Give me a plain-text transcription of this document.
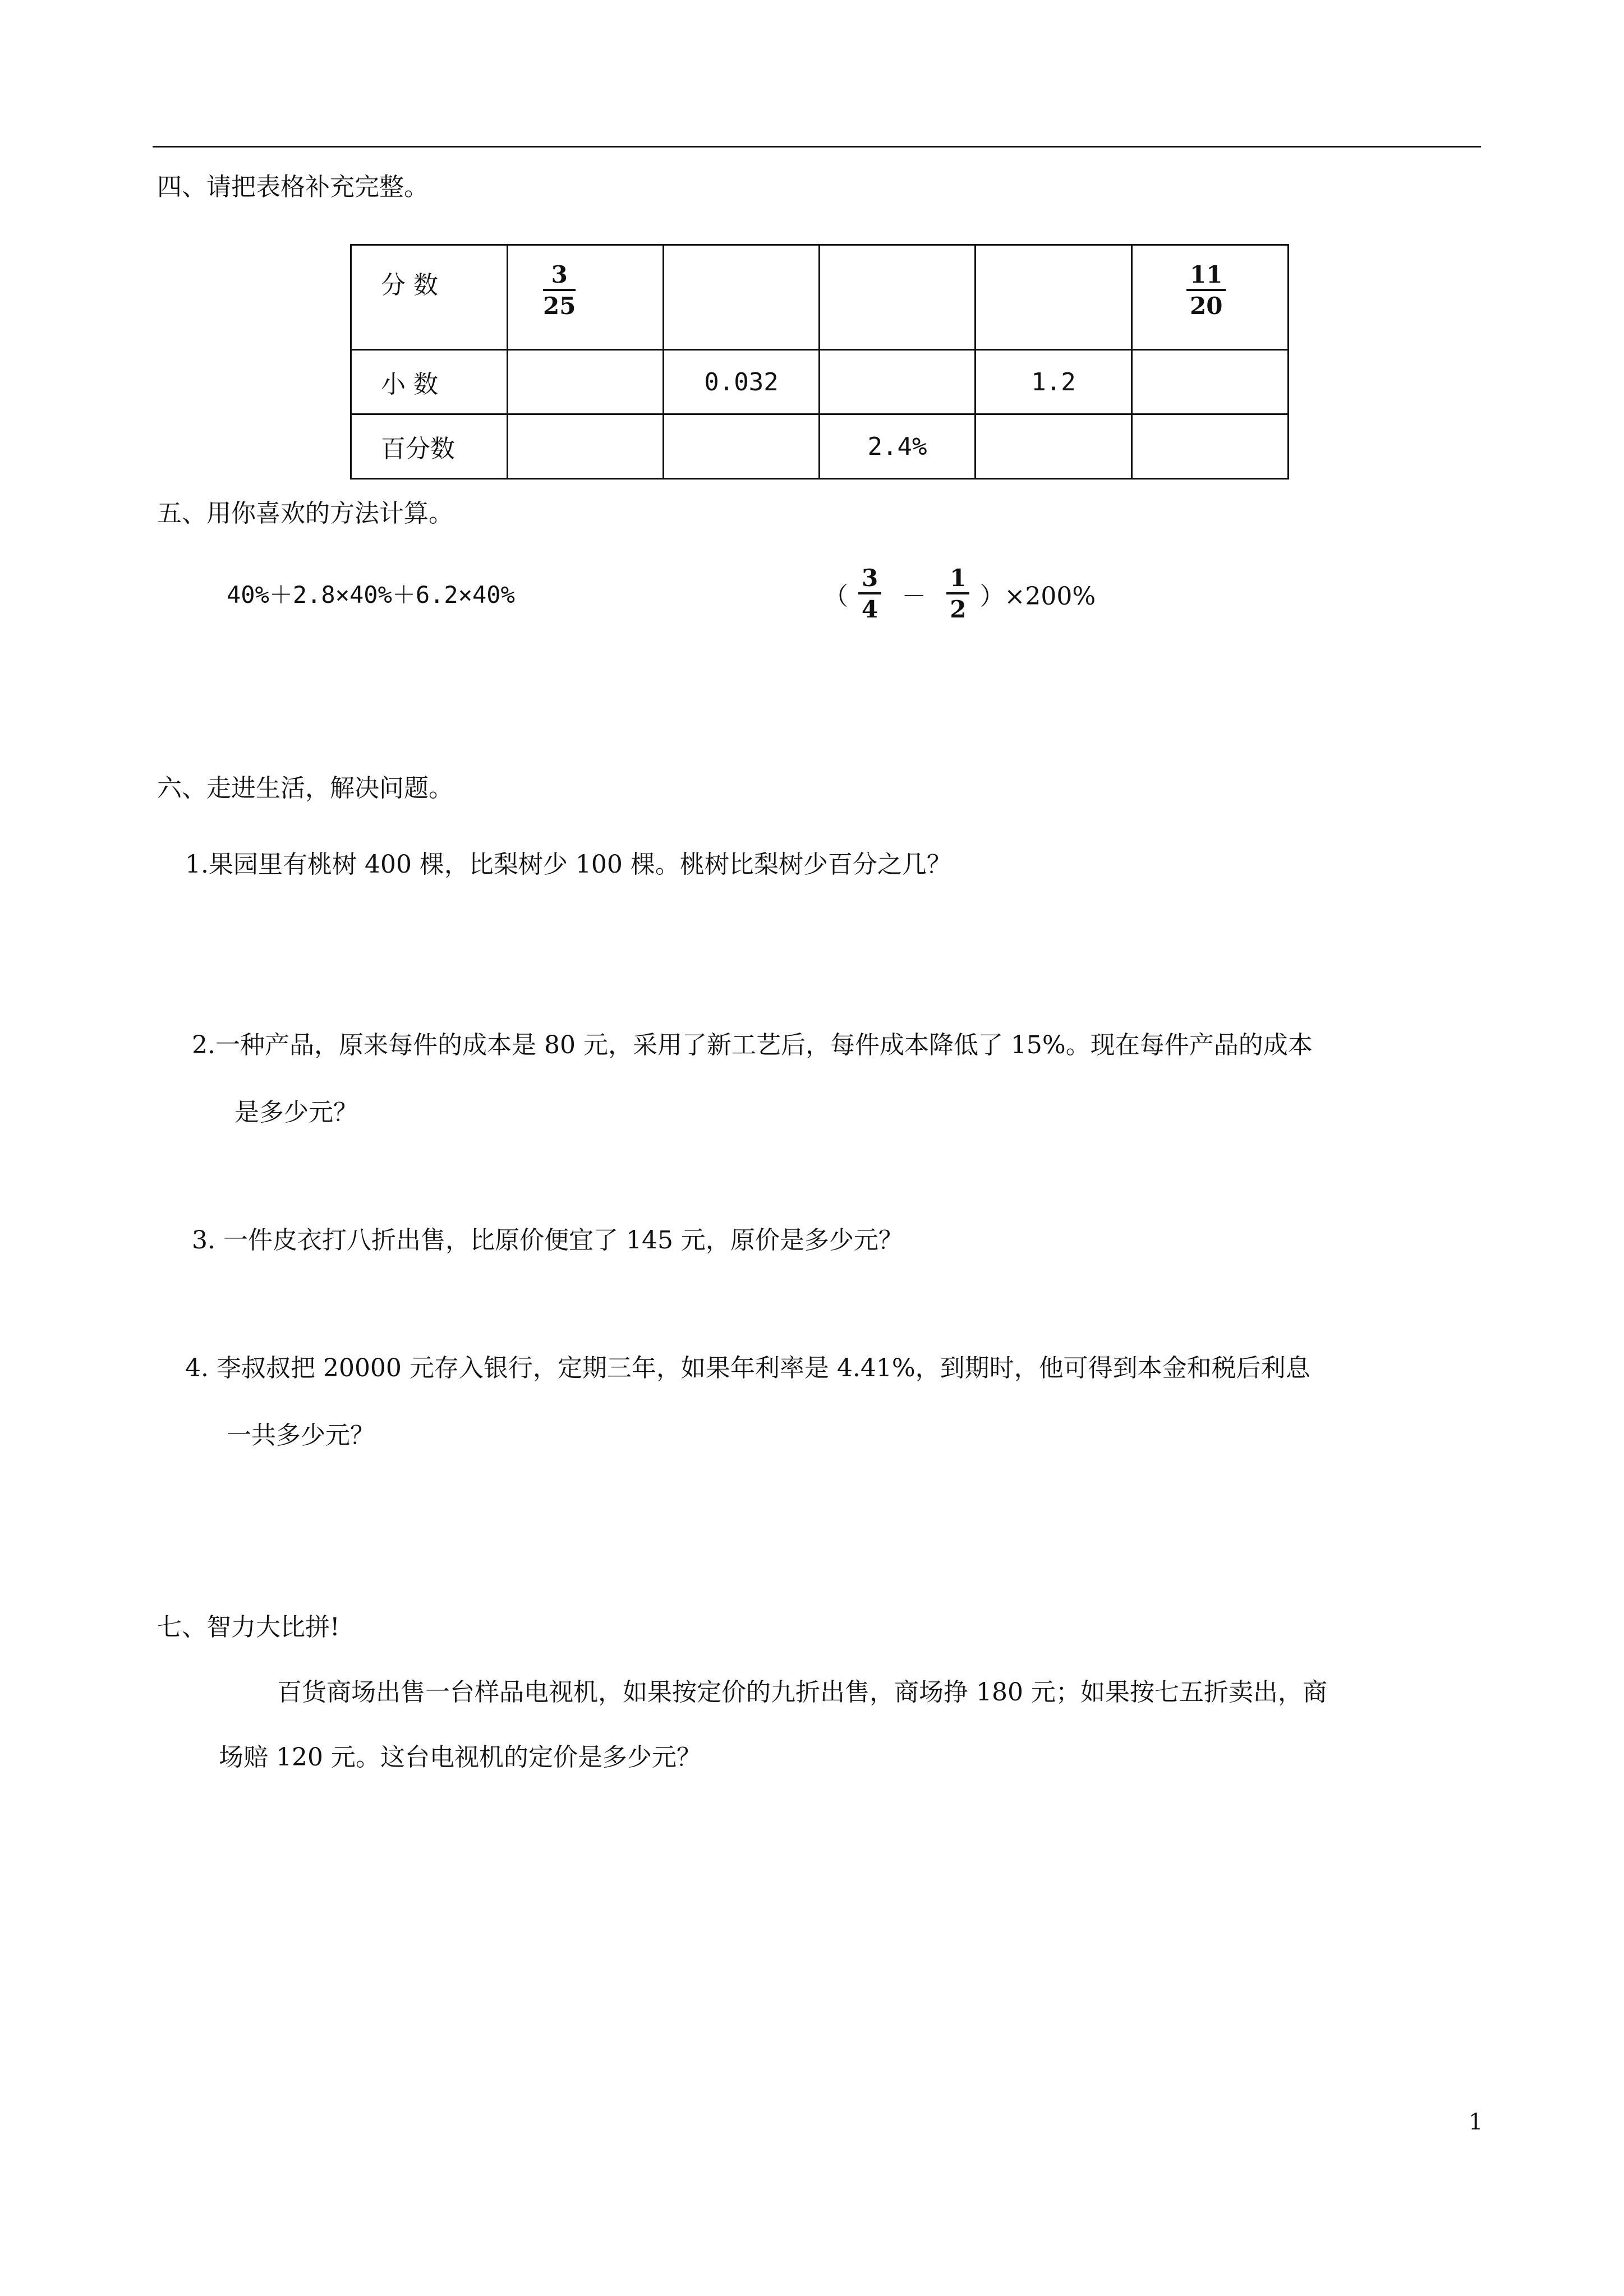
四、请把表格补充完整。
分 数	$\frac{3}{25}$				$\frac{11}{20}$

小 数		0.032		1.2	
百分数			2.4%		
五、用你喜欢的方法计算。
40%＋2.8×40%＋6.2×40%	（ $\frac{3}{4} - \frac{1}{2} )\times 200\%$
六、走进生活，解决问题。
1.果园里有桃树 400 棵，比梨树少 100 棵。桃树比梨树少百分之几？
2.一种产品，原来每件的成本是 80 元，采用了新工艺后，每件成本降低了 15%。现在每件产品的成本
是多少元？
3. 一件皮衣打八折出售，比原价便宜了 145 元，原价是多少元？
4. 李叔叔把 20000 元存入银行，定期三年，如果年利率是 4.41%，到期时，他可得到本金和税后利息
一共多少元？
七、智力大比拼!
百货商场出售一台样品电视机，如果按定价的九折出售，商场挣 180 元；如果按七五折卖出，商
场赔 120 元。这台电视机的定价是多少元？
1
